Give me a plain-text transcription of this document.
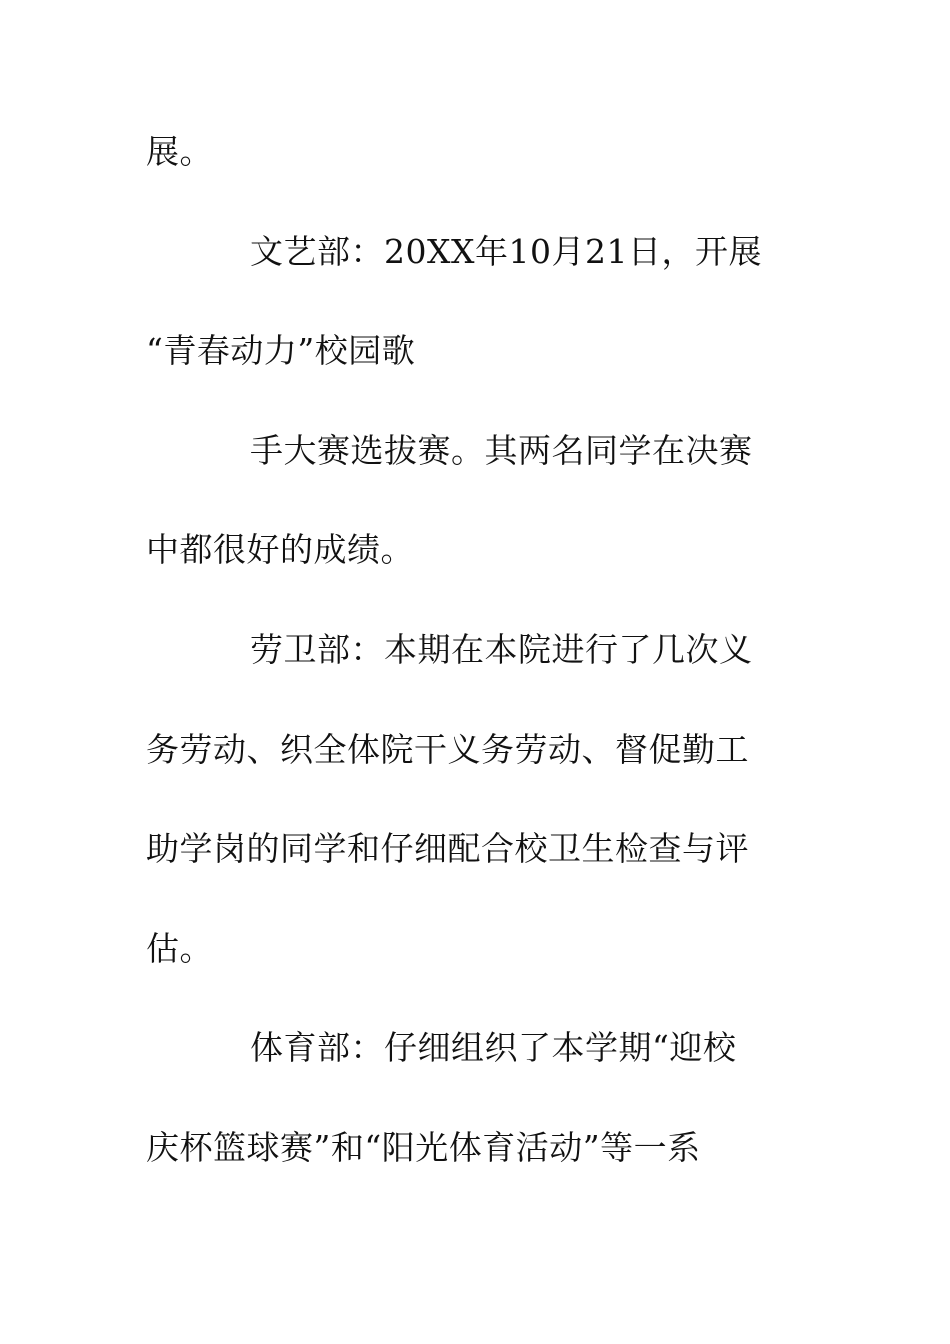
展。
文艺部：20XX年10月21日，开展
“青春动力”校园歌
手大赛选拔赛。其两名同学在决赛
中都很好的成绩。
劳卫部：本期在本院进行了几次义
务劳动、织全体院干义务劳动、督促勤工
助学岗的同学和仔细配合校卫生检查与评
估。
体育部：仔细组织了本学期“迎校
庆杯篮球赛”和“阳光体育活动”等一系
